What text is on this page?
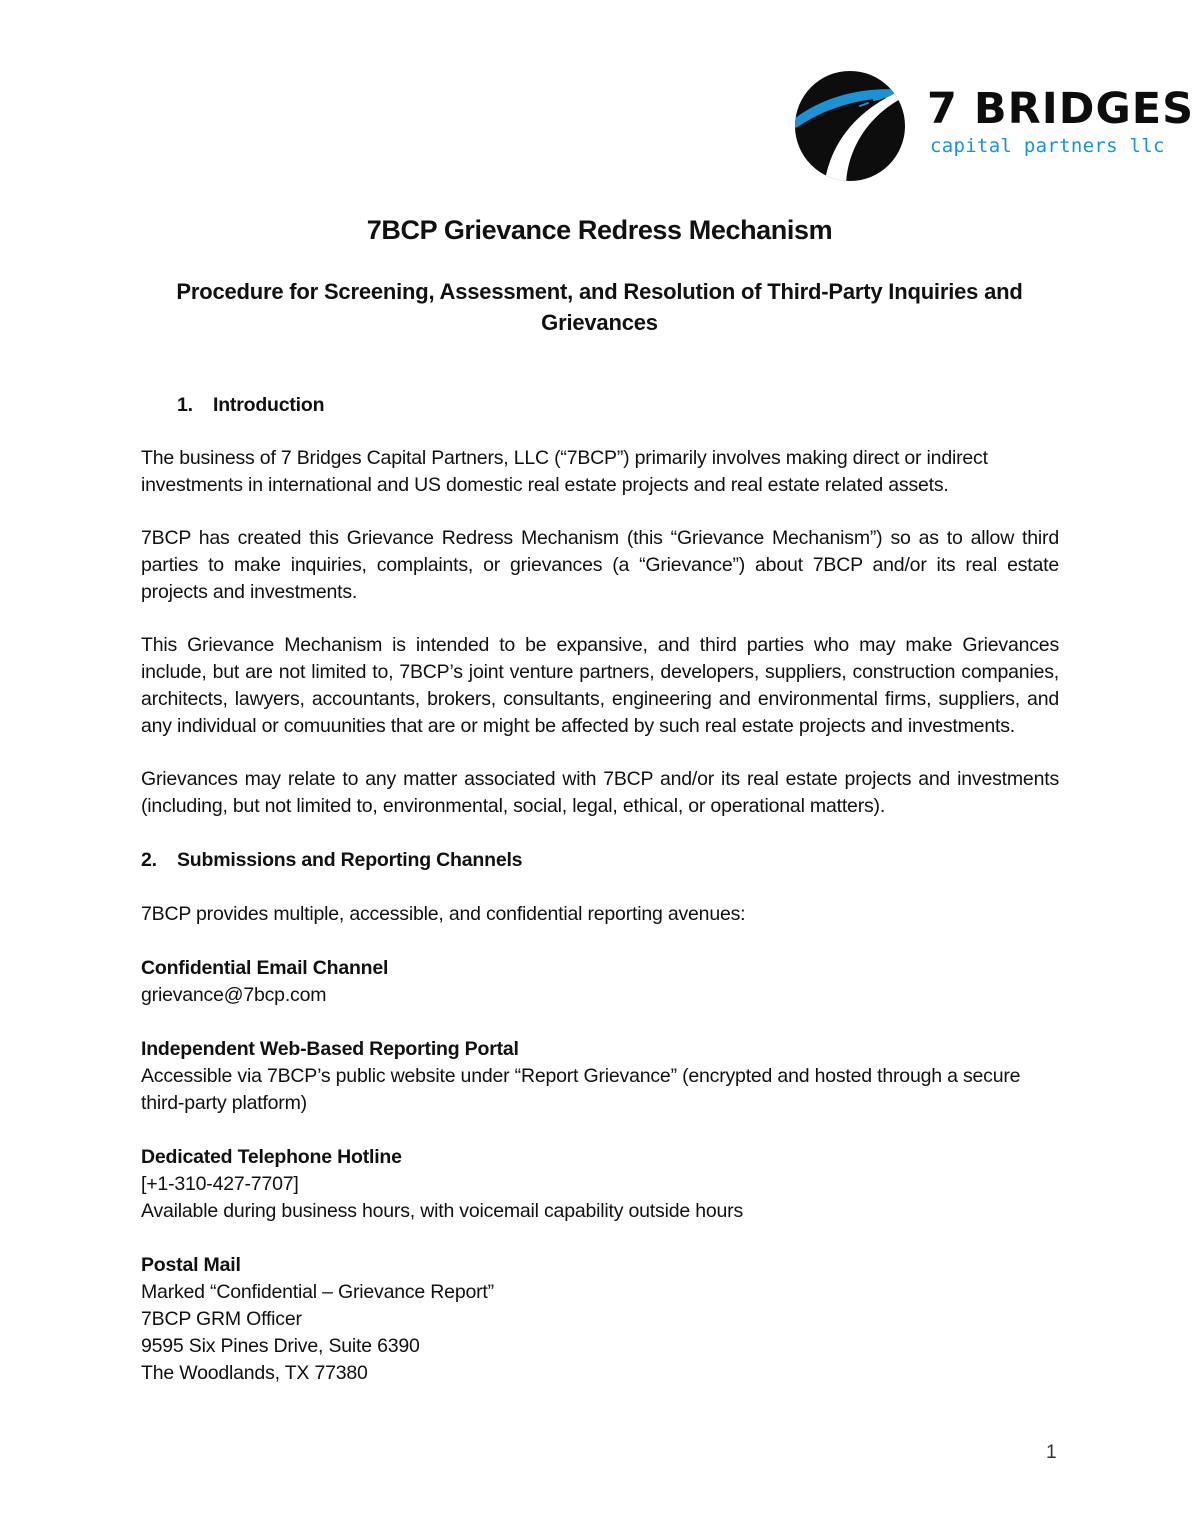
7 BRIDGES
capital partners llc
7BCP Grievance Redress Mechanism
Procedure for Screening, Assessment, and Resolution of Third-Party Inquiries and Grievances

1. Introduction

The business of 7 Bridges Capital Partners, LLC (“7BCP”) primarily involves making direct or indirect investments in international and US domestic real estate projects and real estate related assets.

7BCP has created this Grievance Redress Mechanism (this “Grievance Mechanism”) so as to allow third parties to make inquiries, complaints, or grievances (a “Grievance”) about 7BCP and/or its real estate projects and investments.

This Grievance Mechanism is intended to be expansive, and third parties who may make Grievances include, but are not limited to, 7BCP’s joint venture partners, developers, suppliers, construction companies, architects, lawyers, accountants, brokers, consultants, engineering and environmental firms, suppliers, and any individual or comuunities that are or might be affected by such real estate projects and investments.

Grievances may relate to any matter associated with 7BCP and/or its real estate projects and investments (including, but not limited to, environmental, social, legal, ethical, or operational matters).

2. Submissions and Reporting Channels

7BCP provides multiple, accessible, and confidential reporting avenues:

Confidential Email Channel

grievance@7bcp.com

Independent Web-Based Reporting Portal

Accessible via 7BCP’s public website under “Report Grievance” (encrypted and hosted through a secure third-party platform)

Dedicated Telephone Hotline

[+1-310-427-7707]

Available during business hours, with voicemail capability outside hours

Postal Mail

Marked “Confidential – Grievance Report”

7BCP GRM Officer

9595 Six Pines Drive, Suite 6390

The Woodlands, TX 77380

1
